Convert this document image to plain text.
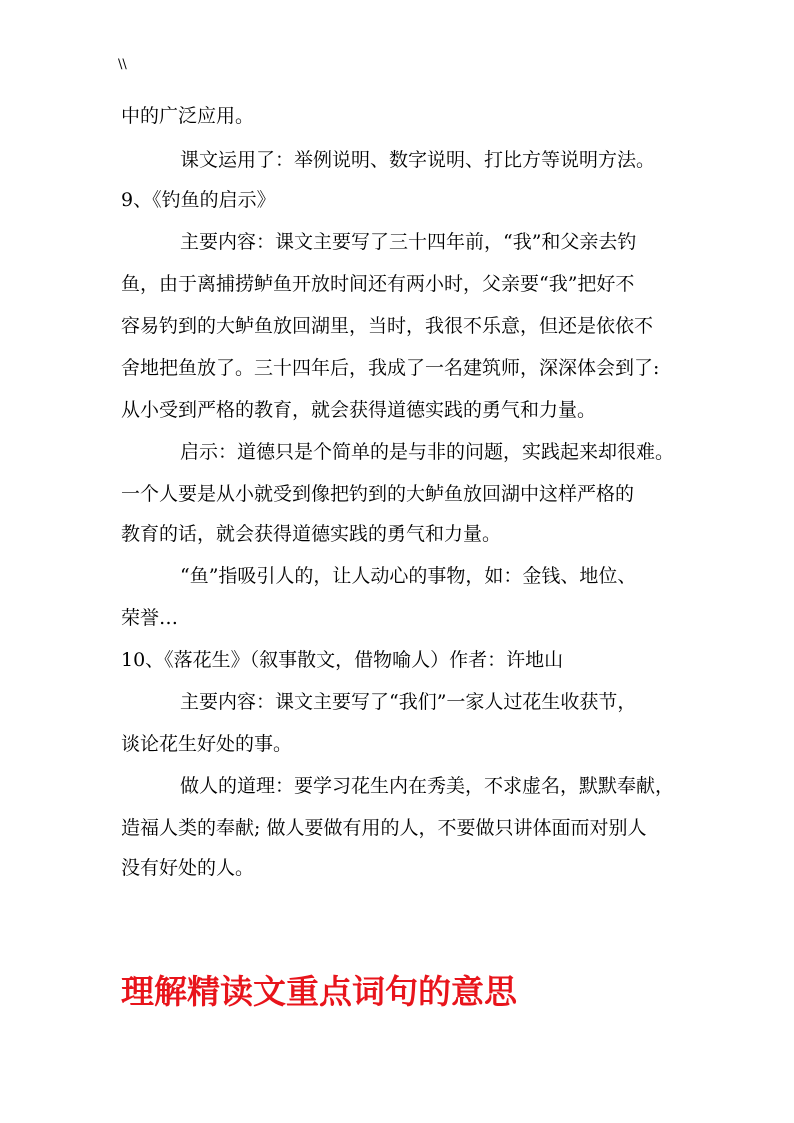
\\
中的广泛应用。
课文运用了：举例说明、数字说明、打比方等说明方法。
9、《钓鱼的启示》
主要内容：课文主要写了三十四年前，“我”和父亲去钓
鱼，由于离捕捞鲈鱼开放时间还有两小时，父亲要“我”把好不
容易钓到的大鲈鱼放回湖里，当时，我很不乐意，但还是依依不
舍地把鱼放了。三十四年后，我成了一名建筑师，深深体会到了:
从小受到严格的教育，就会获得道德实践的勇气和力量。
启示：道德只是个简单的是与非的问题，实践起来却很难。
一个人要是从小就受到像把钓到的大鲈鱼放回湖中这样严格的
教育的话，就会获得道德实践的勇气和力量。
“鱼”指吸引人的，让人动心的事物，如：金钱、地位、
荣誉…
10、《落花生》（叙事散文，借物喻人）作者：许地山
主要内容：课文主要写了“我们”一家人过花生收获节，
谈论花生好处的事。
做人的道理：要学习花生内在秀美，不求虚名，默默奉献，
造福人类的奉献; 做人要做有用的人，不要做只讲体面而对别人
没有好处的人。
理解精读文重点词句的意思
